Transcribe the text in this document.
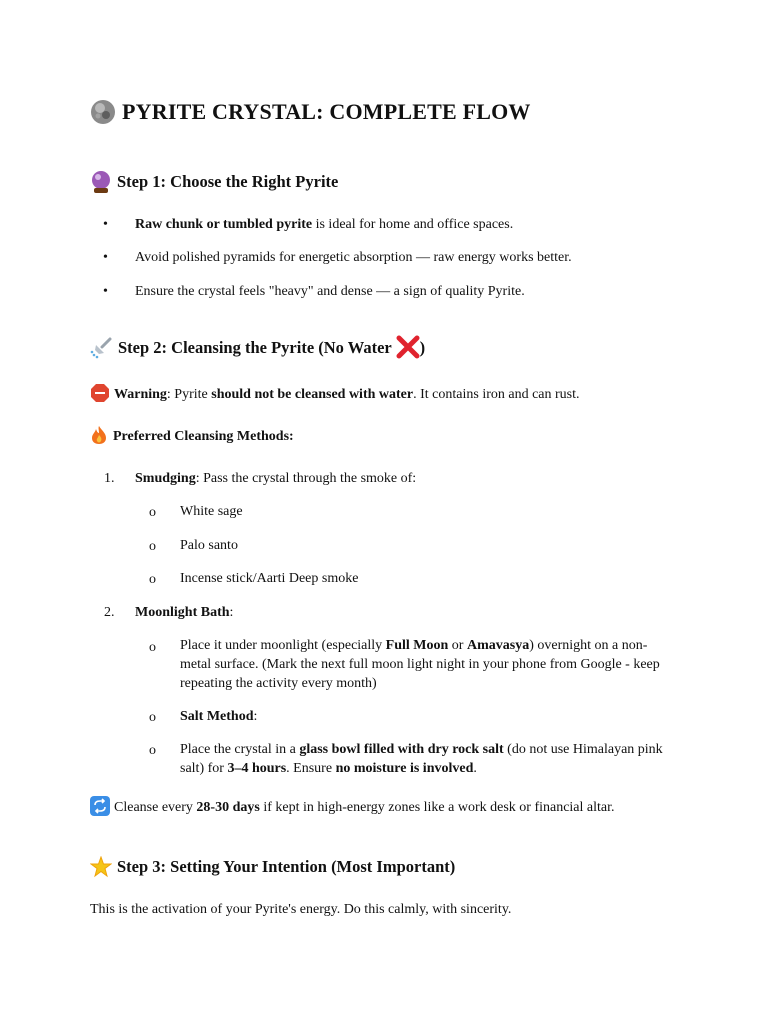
PYRITE CRYSTAL: COMPLETE FLOW
Step 1: Choose the Right Pyrite
• Raw chunk or tumbled pyrite is ideal for home and office spaces.
• Avoid polished pyramids for energetic absorption — raw energy works better.
• Ensure the crystal feels "heavy" and dense — a sign of quality Pyrite.
Step 2: Cleansing the Pyrite (No Water )
Warning: Pyrite should not be cleansed with water. It contains iron and can rust.
Preferred Cleansing Methods:
1. Smudging: Pass the crystal through the smoke of:
o White sage
o Palo santo
o Incense stick/Aarti Deep smoke
2. Moonlight Bath:
o Place it under moonlight (especially Full Moon or Amavasya) overnight on a non-metal surface. (Mark the next full moon light night in your phone from Google - keep repeating the activity every month)
o Salt Method:
o Place the crystal in a glass bowl filled with dry rock salt (do not use Himalayan pink salt) for 3–4 hours. Ensure no moisture is involved.
Cleanse every 28-30 days if kept in high-energy zones like a work desk or financial altar.
Step 3: Setting Your Intention (Most Important)
This is the activation of your Pyrite's energy. Do this calmly, with sincerity.
